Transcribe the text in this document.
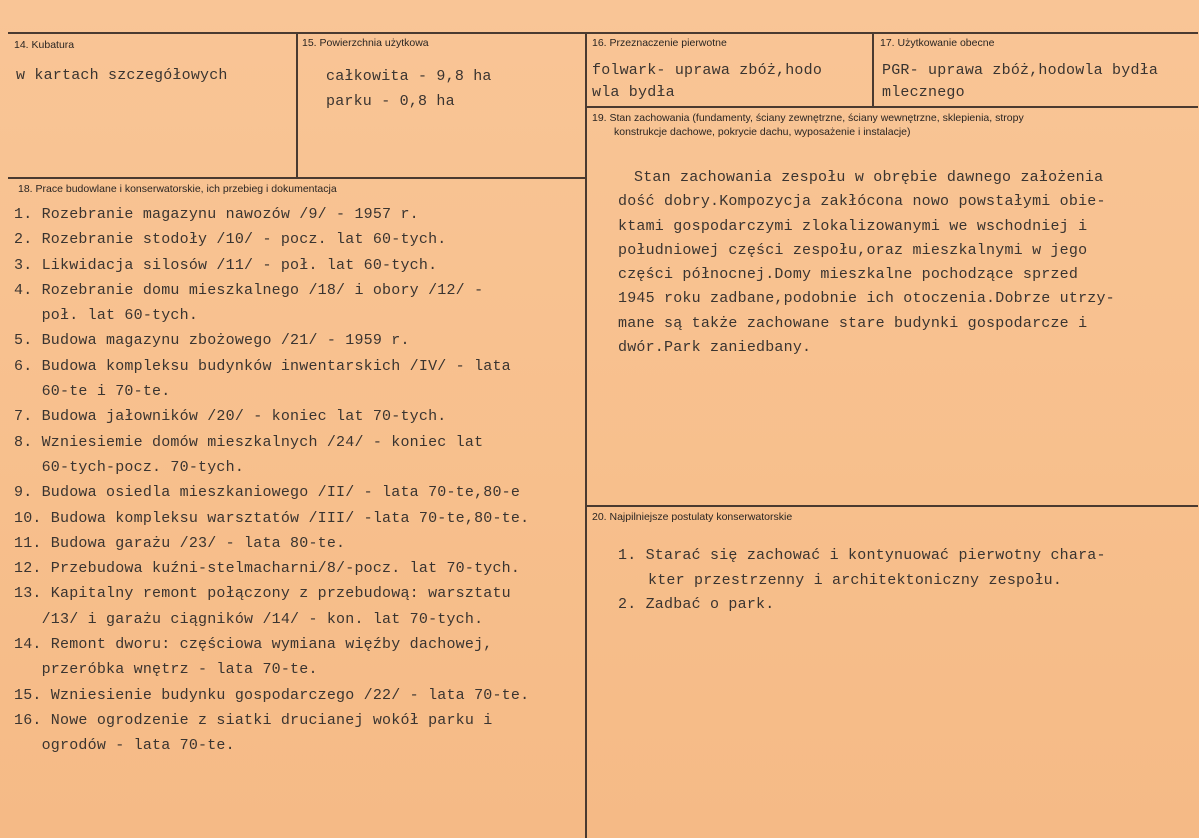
14. Kubatura
w kartach szczegółowych
15. Powierzchnia użytkowa
całkowita - 9,8 ha
parku - 0,8 ha
16. Przeznaczenie pierwotne
folwark- uprawa zbóż,hodo
wla bydła
17. Użytkowanie obecne
PGR- uprawa zbóż,hodowla bydła
mlecznego
18. Prace budowlane i konserwatorskie, ich przebieg i dokumentacja
1. Rozebranie magazynu nawozów /9/ - 1957 r.
2. Rozebranie stodoły /10/ - pocz. lat 60-tych.
3. Likwidacja silosów /11/ - poł. lat 60-tych.
4. Rozebranie domu mieszkalnego /18/ i obory /12/ -
poł. lat 60-tych.
5. Budowa magazynu zbożowego /21/ - 1959 r.
6. Budowa kompleksu budynków inwentarskich /IV/ - lata
60-te i 70-te.
7. Budowa jałowników /20/ - koniec lat 70-tych.
8. Wzniesiemie domów mieszkalnych /24/ - koniec lat
60-tych-pocz. 70-tych.
9. Budowa osiedla mieszkaniowego /II/ - lata 70-te,80-e
10. Budowa kompleksu warsztatów /III/ -lata 70-te,80-te.
11. Budowa garażu /23/ - lata 80-te.
12. Przebudowa kuźni-stelmacharni/8/-pocz. lat 70-tych.
13. Kapitalny remont połączony z przebudową: warsztatu
/13/ i garażu ciągników /14/ - kon. lat 70-tych.
14. Remont dworu: częściowa wymiana więźby dachowej,
przeróbka wnętrz - lata 70-te.
15. Wzniesienie budynku gospodarczego /22/ - lata 70-te.
16. Nowe ogrodzenie z siatki drucianej wokół parku i
ogrodów - lata 70-te.
19. Stan zachowania (fundamenty, ściany zewnętrzne, ściany wewnętrzne, sklepienia, stropy
konstrukcje dachowe, pokrycie dachu, wyposażenie i instalacje)
Stan zachowania zespołu w obrębie dawnego założenia
dość dobry.Kompozycja zakłócona nowo powstałymi obie-
ktami gospodarczymi zlokalizowanymi we wschodniej i
południowej części zespołu,oraz mieszkalnymi w jego
części północnej.Domy mieszkalne pochodzące sprzed
1945 roku zadbane,podobnie ich otoczenia.Dobrze utrzy-
mane są także zachowane stare budynki gospodarcze i
dwór.Park zaniedbany.
20. Najpilniejsze postulaty konserwatorskie
1. Starać się zachować i kontynuować pierwotny chara-
kter przestrzenny i architektoniczny zespołu.
2. Zadbać o park.
